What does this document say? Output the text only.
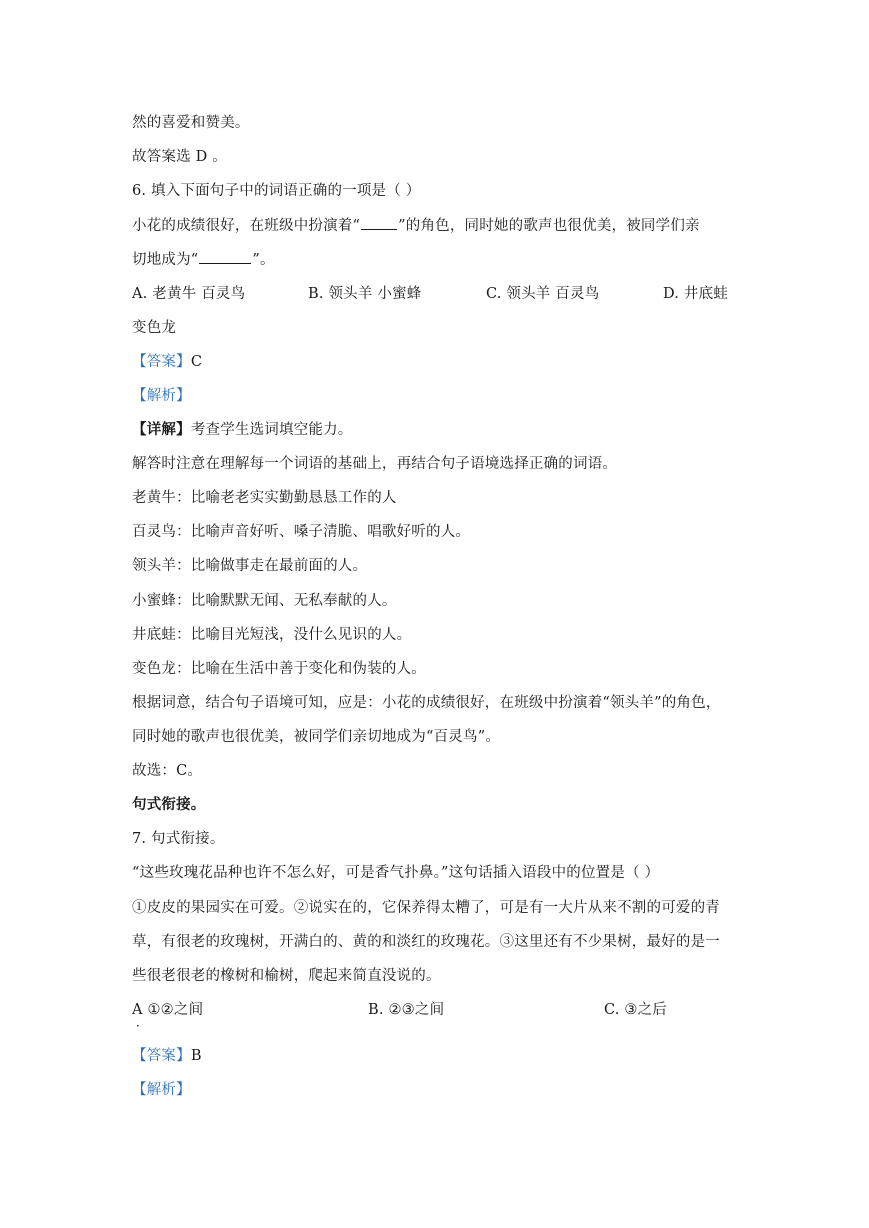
然的喜爱和赞美。
故答案选 D 。
6. 填入下面句子中的词语正确的一项是（ ）
小花的成绩很好，在班级中扮演着“	”的角色，同时她的歌声也很优美，被同学们亲
切地成为“	”。
A. 老黄牛 百灵鸟	B. 领头羊 小蜜蜂	C. 领头羊 百灵鸟	D. 井底蛙
变色龙
【答案】C
【解析】
【详解】考查学生选词填空能力。
解答时注意在理解每一个词语的基础上，再结合句子语境选择正确的词语。
老黄牛：比喻老老实实勤勤恳恳工作的人
百灵鸟：比喻声音好听、嗓子清脆、唱歌好听的人。
领头羊：比喻做事走在最前面的人。
小蜜蜂：比喻默默无闻、无私奉献的人。
井底蛙：比喻目光短浅，没什么见识的人。
变色龙：比喻在生活中善于变化和伪装的人。
根据词意，结合句子语境可知，应是：小花的成绩很好，在班级中扮演着“领头羊”的角色，
同时她的歌声也很优美，被同学们亲切地成为“百灵鸟”。
故选：C。
句式衔接。
7. 句式衔接。
“这些玫瑰花品种也许不怎么好，可是香气扑鼻。”这句话插入语段中的位置是（ ）
①皮皮的果园实在可爱。②说实在的，它保养得太糟了，可是有一大片从来不割的可爱的青
草，有很老的玫瑰树，开满白的、黄的和淡红的玫瑰花。③这里还有不少果树，最好的是一
些很老很老的橡树和榆树，爬起来简直没说的。
A ①②之间
．
B. ②③之间	C. ③之后
【答案】B
【解析】
